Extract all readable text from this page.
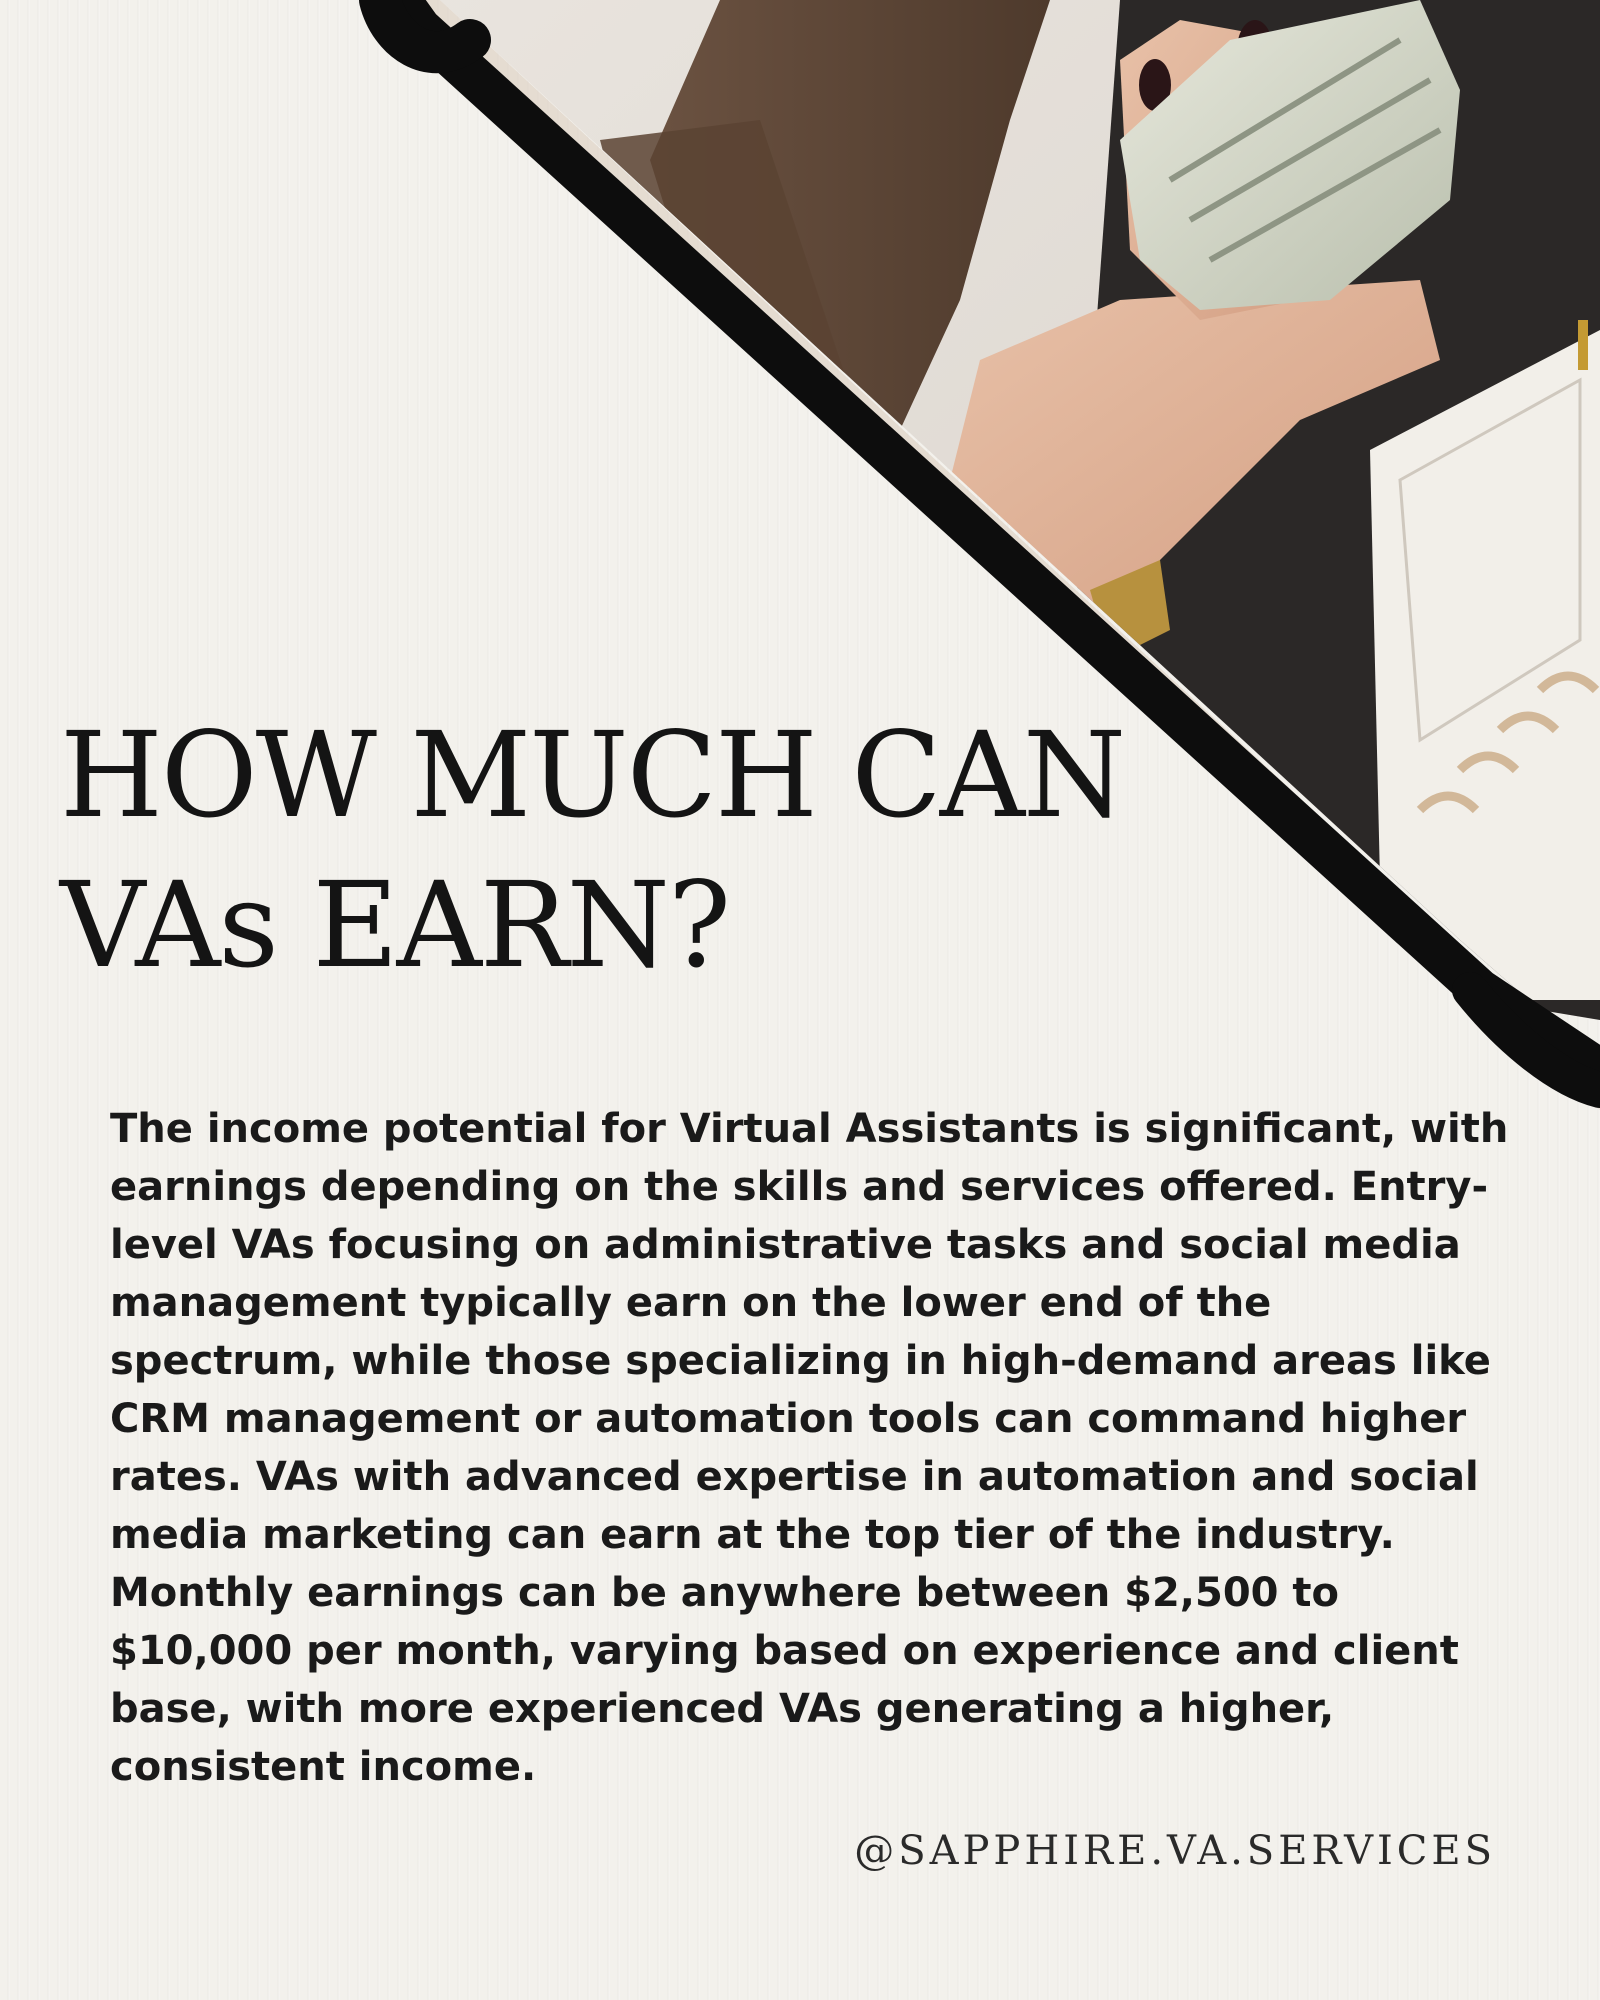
HOW MUCH CAN
VAs EARN?

The income potential for Virtual Assistants is significant, with earnings depending on the skills and services offered. Entry-level VAs focusing on administrative tasks and social media management typically earn on the lower end of the spectrum, while those specializing in high-demand areas like CRM management or automation tools can command higher rates. VAs with advanced expertise in automation and social media marketing can earn at the top tier of the industry. Monthly earnings can be anywhere between $2,500 to $10,000 per month, varying based on experience and client base, with more experienced VAs generating a higher, consistent income.

@SAPPHIRE.VA.SERVICES
